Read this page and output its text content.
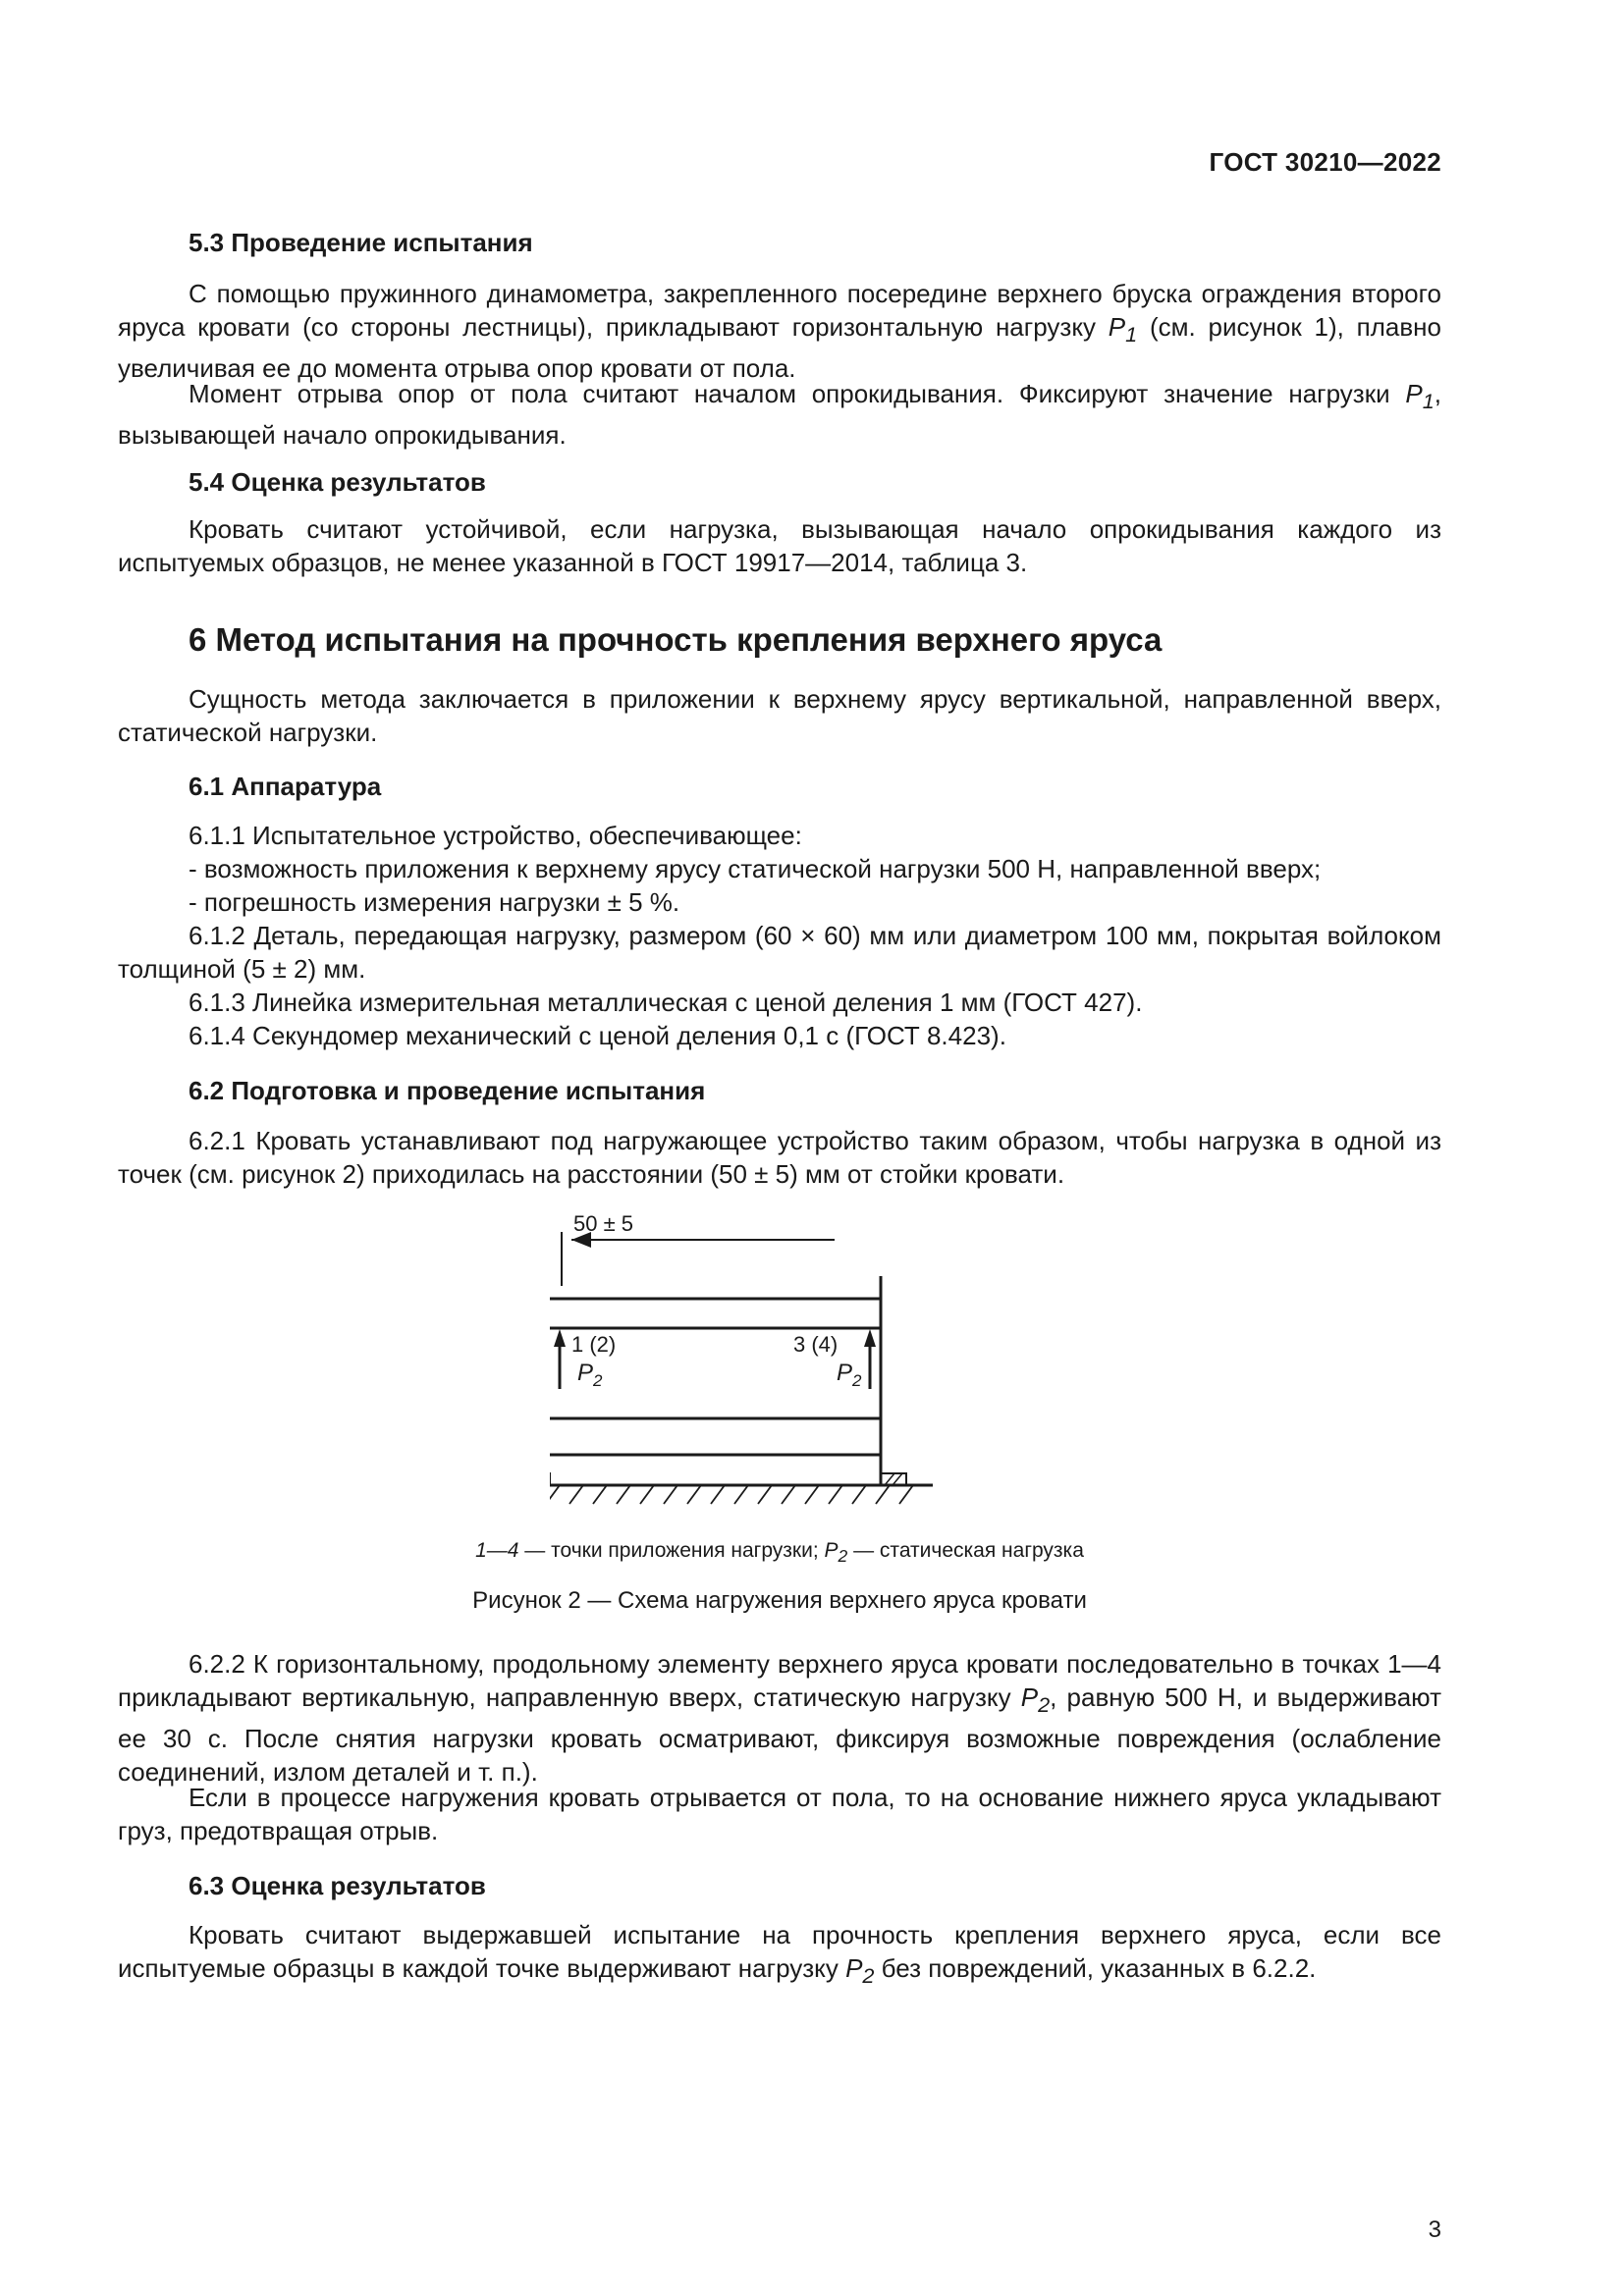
ГОСТ 30210—2022
5.3 Проведение испытания

С помощью пружинного динамометра, закрепленного посередине верхнего бруска ограждения второго яруса кровати (со стороны лестницы), прикладывают горизонтальную нагрузку $P_1$ (см. рисунок 1), плавно увеличивая ее до момента отрыва опор кровати от пола.

Момент отрыва опор от пола считают началом опрокидывания. Фиксируют значение нагрузки $P_1$, вызывающей начало опрокидывания.

5.4 Оценка результатов

Кровать считают устойчивой, если нагрузка, вызывающая начало опрокидывания каждого из испытуемых образцов, не менее указанной в ГОСТ 19917—2014, таблица 3.

6 Метод испытания на прочность крепления верхнего яруса

Сущность метода заключается в приложении к верхнему ярусу вертикальной, направленной вверх, статической нагрузки.

6.1 Аппаратура
6.1.1 Испытательное устройство, обеспечивающее:
- возможность приложения к верхнему ярусу статической нагрузки 500 Н, направленной вверх;
- погрешность измерения нагрузки ± 5 %.

6.1.2 Деталь, передающая нагрузку, размером (60 × 60) мм или диаметром 100 мм, покрытая войлоком толщиной (5 ± 2) мм.

6.1.3 Линейка измерительная металлическая с ценой деления 1 мм (ГОСТ 427).
6.1.4 Секундомер механический с ценой деления 0,1 с (ГОСТ 8.423).
6.2 Подготовка и проведение испытания

6.2.1 Кровать устанавливают под нагружающее устройство таким образом, чтобы нагрузка в одной из точек (см. рисунок 2) приходилась на расстоянии (50 ± 5) мм от стойки кровати.

50 ± 5
1 (2)	3 (4)
$P_2$	$P_2$
1—4 — точки приложения нагрузки; $P_2$ — статическая нагрузка
Рисунок 2 — Схема нагружения верхнего яруса кровати

6.2.2 К горизонтальному, продольному элементу верхнего яруса кровати последовательно в точках 1—4 прикладывают вертикальную, направленную вверх, статическую нагрузку $P_2$, равную 500 Н, и выдерживают ее 30 с. После снятия нагрузки кровать осматривают, фиксируя возможные повреждения (ослабление соединений, излом деталей и т. п.).

Если в процессе нагружения кровать отрывается от пола, то на основание нижнего яруса укладывают груз, предотвращая отрыв.

6.3 Оценка результатов

Кровать считают выдержавшей испытание на прочность крепления верхнего яруса, если все испытуемые образцы в каждой точке выдерживают нагрузку $P_2$ без повреждений, указанных в 6.2.2.

3
